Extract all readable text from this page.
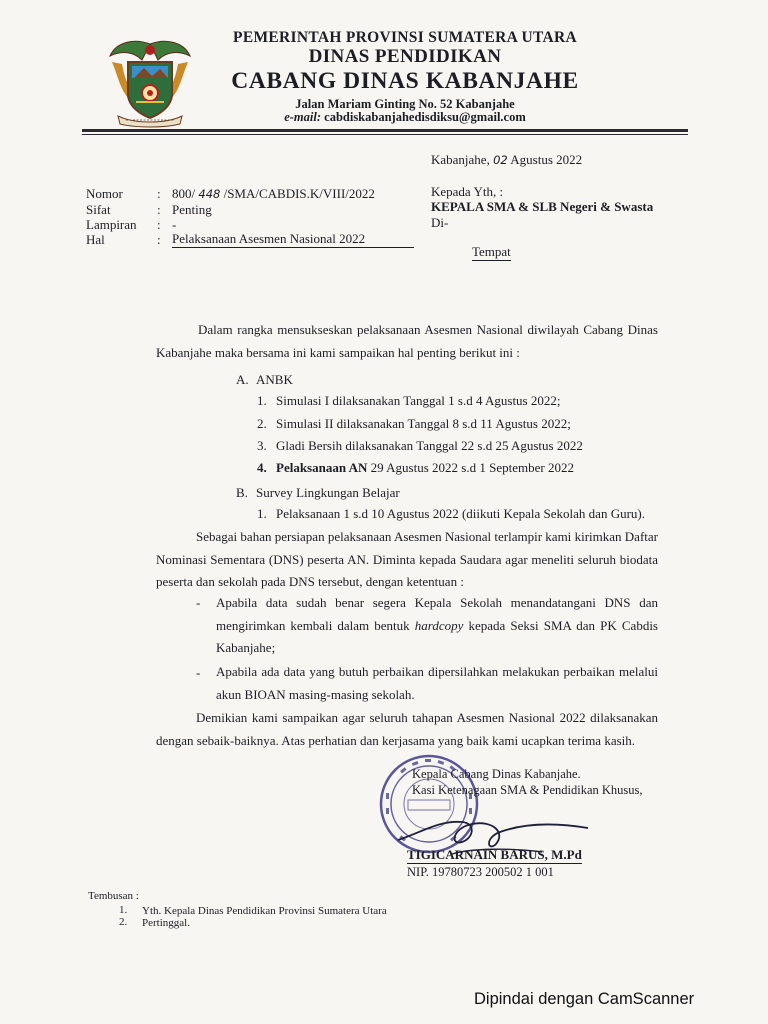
PEMERINTAH PROVINSI SUMATERA UTARA
DINAS PENDIDIKAN
CABANG DINAS KABANJAHE
Jalan Mariam Ginting No. 52 Kabanjahe
e-mail: cabdiskabanjahedisdiksu@gmail.com
Kabanjahe, 02 Agustus 2022
Nomor
Sifat
Lampiran
Hal
:
:
:
:
800/ 448 /SMA/CABDIS.K/VIII/2022
Penting
-
Pelaksanaan Asesmen Nasional 2022
Kepada Yth, :
KEPALA SMA & SLB Negeri & Swasta
Di-
Tempat
Dalam rangka mensukseskan pelaksanaan Asesmen Nasional diwilayah Cabang Dinas
Kabanjahe maka bersama ini kami sampaikan hal penting berikut ini :
A. ANBK
1. Simulasi I dilaksanakan Tanggal 1 s.d 4 Agustus 2022;
2. Simulasi II dilaksanakan Tanggal 8 s.d 11 Agustus 2022;
3. Gladi Bersih dilaksanakan Tanggal 22 s.d 25 Agustus 2022
4. Pelaksanaan AN 29 Agustus 2022 s.d 1 September 2022
B. Survey Lingkungan Belajar
1. Pelaksanaan 1 s.d 10 Agustus 2022 (diikuti Kepala Sekolah dan Guru).
Sebagai bahan persiapan pelaksanaan Asesmen Nasional terlampir kami kirimkan Daftar
Nominasi Sementara (DNS) peserta AN. Diminta kepada Saudara agar meneliti seluruh biodata
peserta dan sekolah pada DNS tersebut, dengan ketentuan :
- Apabila data sudah benar segera Kepala Sekolah menandatangani DNS dan
mengirimkan kembali dalam bentuk hardcopy kepada Seksi SMA dan PK Cabdis
Kabanjahe;
- Apabila ada data yang butuh perbaikan dipersilahkan melakukan perbaikan melalui
akun BIOAN masing-masing sekolah.
Demikian kami sampaikan agar seluruh tahapan Asesmen Nasional 2022 dilaksanakan
dengan sebaik-baiknya. Atas perhatian dan kerjasama yang baik kami ucapkan terima kasih.
Kepala Cabang Dinas Kabanjahe.
Kasi Ketenagaan SMA & Pendidikan Khusus,
TIGICARNAIN BARUS, M.Pd
NIP. 19780723 200502 1 001
Tembusan :
1. Yth. Kepala Dinas Pendidikan Provinsi Sumatera Utara
2. Pertinggal.
Dipindai dengan CamScanner
